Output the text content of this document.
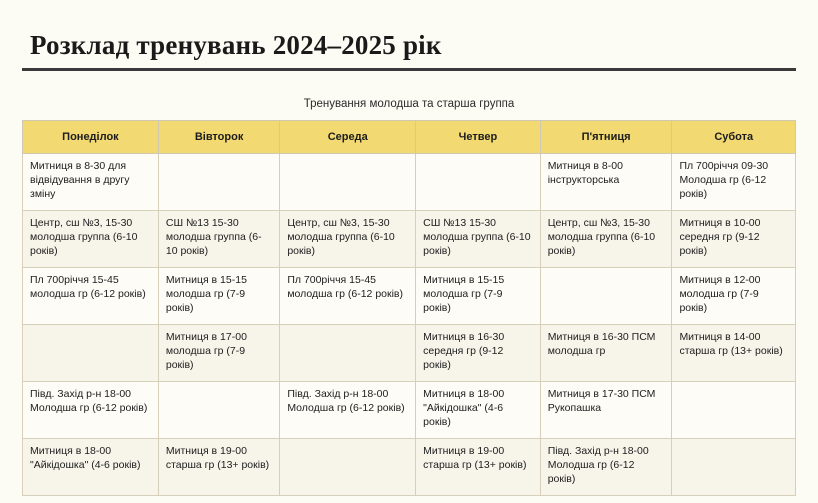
Розклад тренувань 2024–2025 рік
Тренування молодша та старша группа
Понеділок	Вівторок	Середа	Четвер	П'ятниця	Субота

Митниця в 8-30 для відвідування в другу зміну				Митниця в 8-00 інструкторська	Пл 700річчя 09-30 Молодша гр (6-12 років)

Центр, сш №3, 15-30 молодша группа (6-10 років)	СШ №13 15-30 молодша группа (6-10 років)	Центр, сш №3, 15-30 молодша группа (6-10 років)	СШ №13 15-30 молодша группа (6-10 років)	Центр, сш №3, 15-30 молодша группа (6-10 років)	Митниця в 10-00 середня гр (9-12 років)

Пл 700річчя 15-45 молодша гр (6-12 років)	Митниця в 15-15 молодша гр (7-9 років)	Пл 700річчя 15-45 молодша гр (6-12 років)	Митниця в 15-15 молодша гр (7-9 років)		Митниця в 12-00 молодша гр (7-9 років)

	Митниця в 17-00 молодша гр (7-9 років)		Митниця в 16-30 середня гр (9-12 років)	Митниця в 16-30 ПСМ молодша гр	Митниця в 14-00 старша гр (13+ років)

Півд. Захід р-н 18-00 Молодша гр (6-12 років)		Півд. Захід р-н 18-00 Молодша гр (6-12 років)	Митниця в 18-00 "Айкідошка" (4-6 років)	Митниця в 17-30 ПСМ Рукопашка	

Митниця в 18-00 "Айкідошка" (4-6 років)	Митниця в 19-00 старша гр (13+ років)		Митниця в 19-00 старша гр (13+ років)	Півд. Захід р-н 18-00 Молодша гр (6-12 років)	
